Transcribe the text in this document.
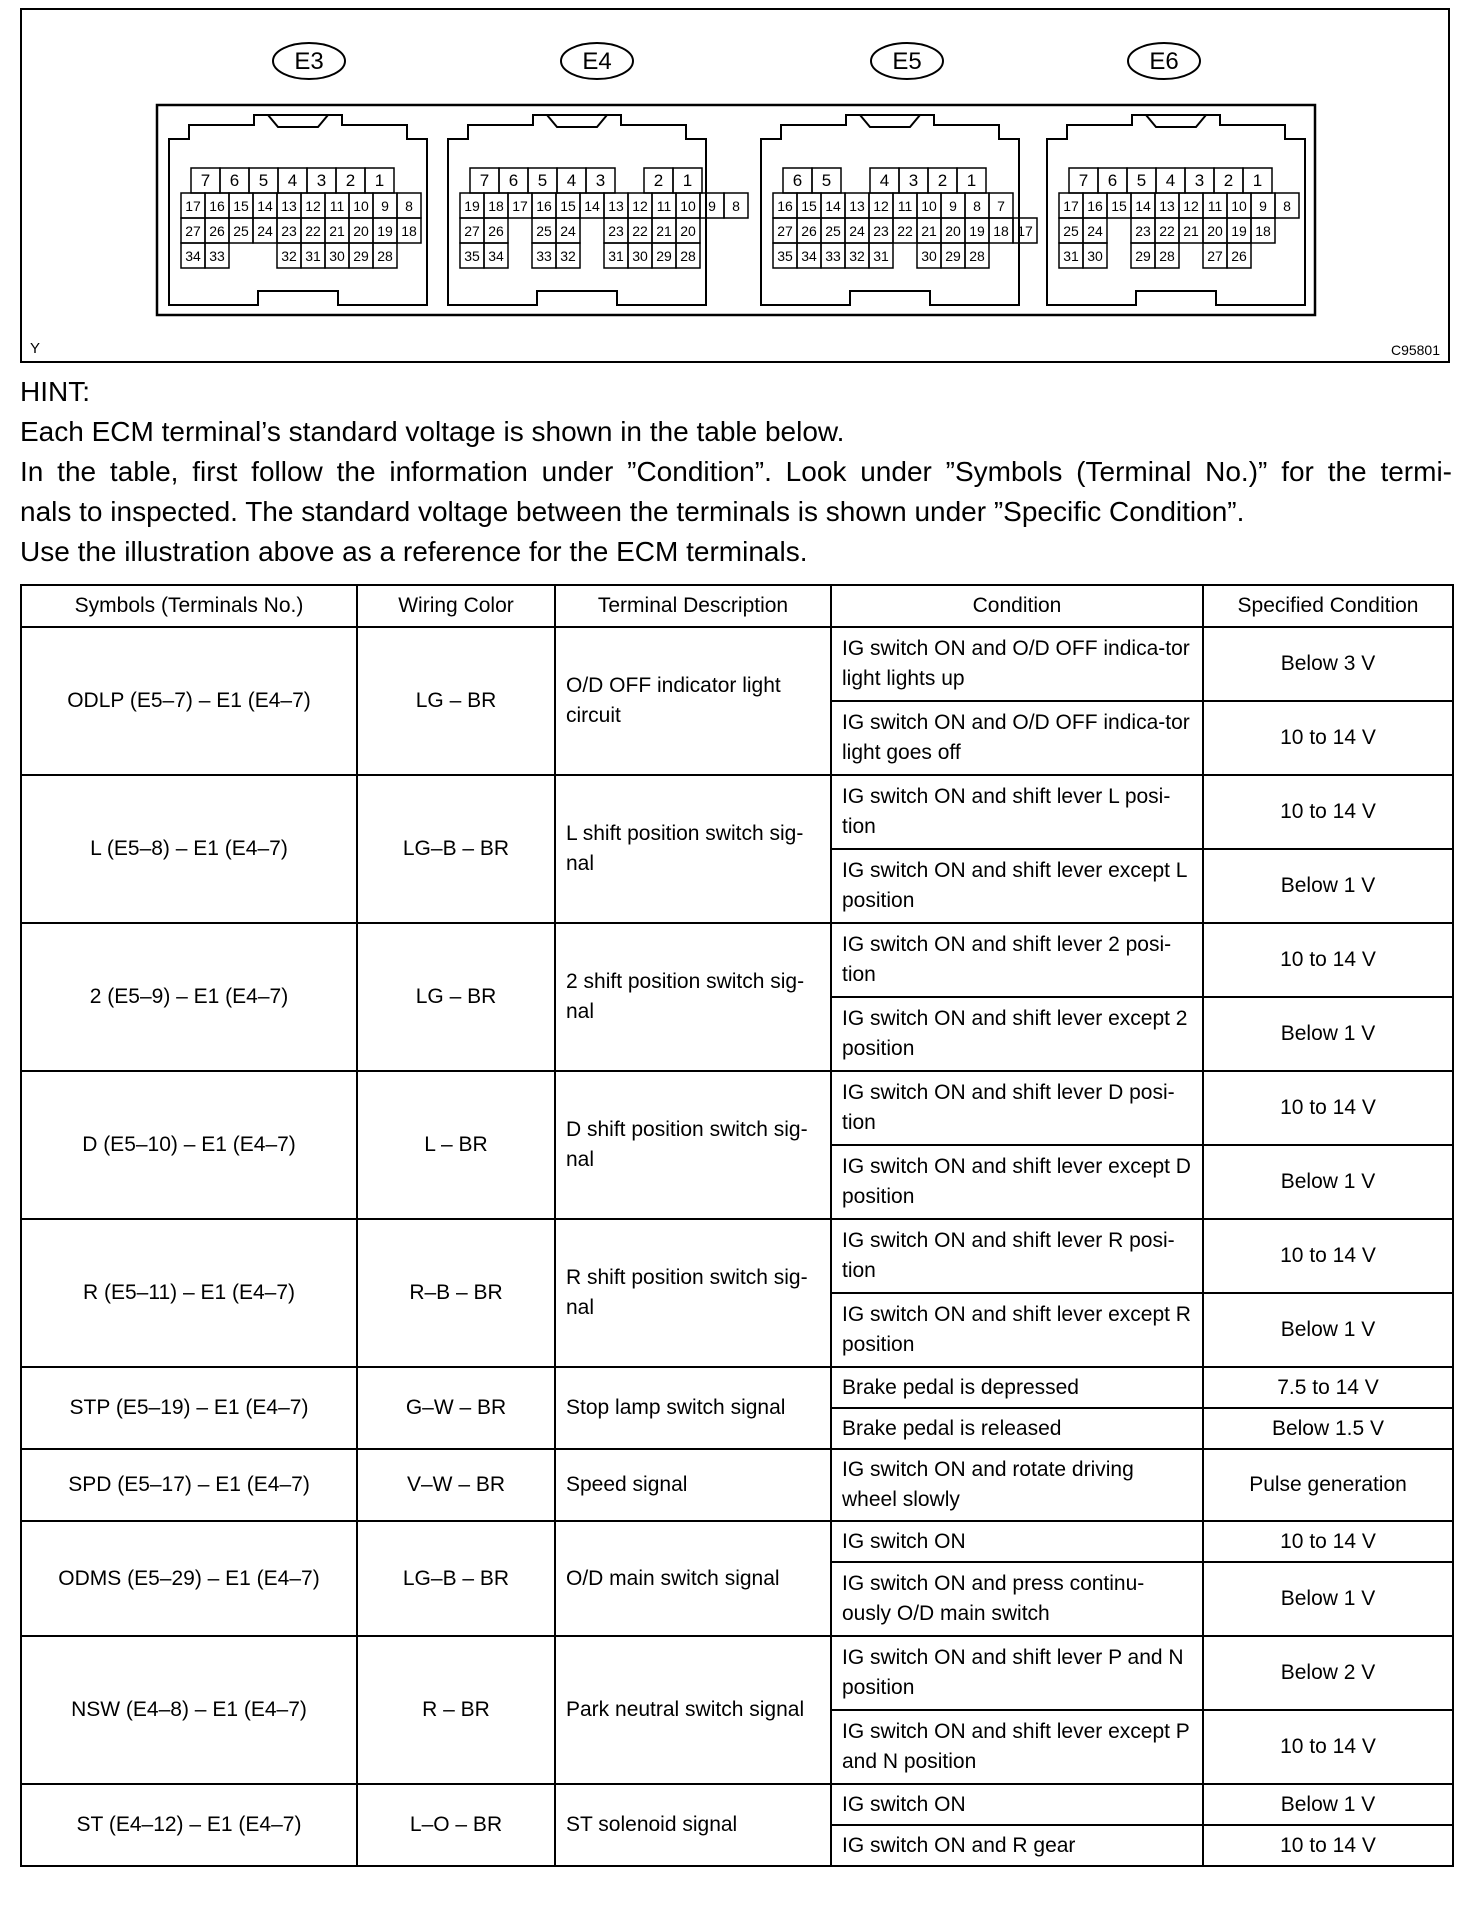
E3
7 6 5 4 3 2 1
17 16 15 14 13 12 11 10 9 8
27 26 25 24 23 22 21 20 19 18
34 33	32 31 30 29 28
E4
7 6 5 4 3	2 1
19 18 17 16 15 14 13 12 11 10 9 8
27 26 25 24 23 22 21 20
35 34 33 32 31 30 29 28
E5
6 5	4 3 2 1
16 15 14 13 12 11 10 9 8 7
27 26 25 24 23 22 21 20 19 18 17
35 34 33 32 31 30 29 28
E6
7 6 5 4 3 2 1
17 16 15 14 13 12 11 10 9 8
25 24 23 22 21 20 19 18
31 30 29 28 27 26
Y	C95801

HINT:

Each ECM terminal’s standard voltage is shown in the table below.

In the table, first follow the information under ”Condition”. Look under ”Symbols (Terminal No.)” for the termi-

nals to inspected. The standard voltage between the terminals is shown under ”Specific Condition”.

Use the illustration above as a reference for the ECM terminals.

Symbols (Terminals No.)	Wiring Color	Terminal Description	Condition	Specified Condition
ODLP (E5–7) – E1 (E4–7)	LG – BR	O/D OFF indicator light circuit	IG switch ON and O/D OFF indica-tor light lights up	Below 3 V
			IG switch ON and O/D OFF indica-tor light goes off	10 to 14 V
L (E5–8) – E1 (E4–7)	LG–B – BR	L shift position switch sig-nal	IG switch ON and shift lever L posi-tion	10 to 14 V
			IG switch ON and shift lever except L position	Below 1 V
2 (E5–9) – E1 (E4–7)	LG – BR	2 shift position switch sig-nal	IG switch ON and shift lever 2 posi-tion	10 to 14 V
			IG switch ON and shift lever except 2 position	Below 1 V
D (E5–10) – E1 (E4–7)	L – BR	D shift position switch sig-nal	IG switch ON and shift lever D posi-tion	10 to 14 V
			IG switch ON and shift lever except D position	Below 1 V
R (E5–11) – E1 (E4–7)	R–B – BR	R shift position switch sig-nal	IG switch ON and shift lever R posi-tion	10 to 14 V
			IG switch ON and shift lever except R position	Below 1 V
STP (E5–19) – E1 (E4–7)	G–W – BR	Stop lamp switch signal	Brake pedal is depressed	7.5 to 14 V
			Brake pedal is released	Below 1.5 V
SPD (E5–17) – E1 (E4–7)	V–W – BR	Speed signal	IG switch ON and rotate driving wheel slowly	Pulse generation
ODMS (E5–29) – E1 (E4–7)	LG–B – BR	O/D main switch signal	IG switch ON	10 to 14 V
			IG switch ON and press continu-ously O/D main switch	Below 1 V
NSW (E4–8) – E1 (E4–7)	R – BR	Park neutral switch signal	IG switch ON and shift lever P and N position	Below 2 V
			IG switch ON and shift lever except P and N position	10 to 14 V
ST (E4–12) – E1 (E4–7)	L–O – BR	ST solenoid signal	IG switch ON	Below 1 V
			IG switch ON and R gear	10 to 14 V
